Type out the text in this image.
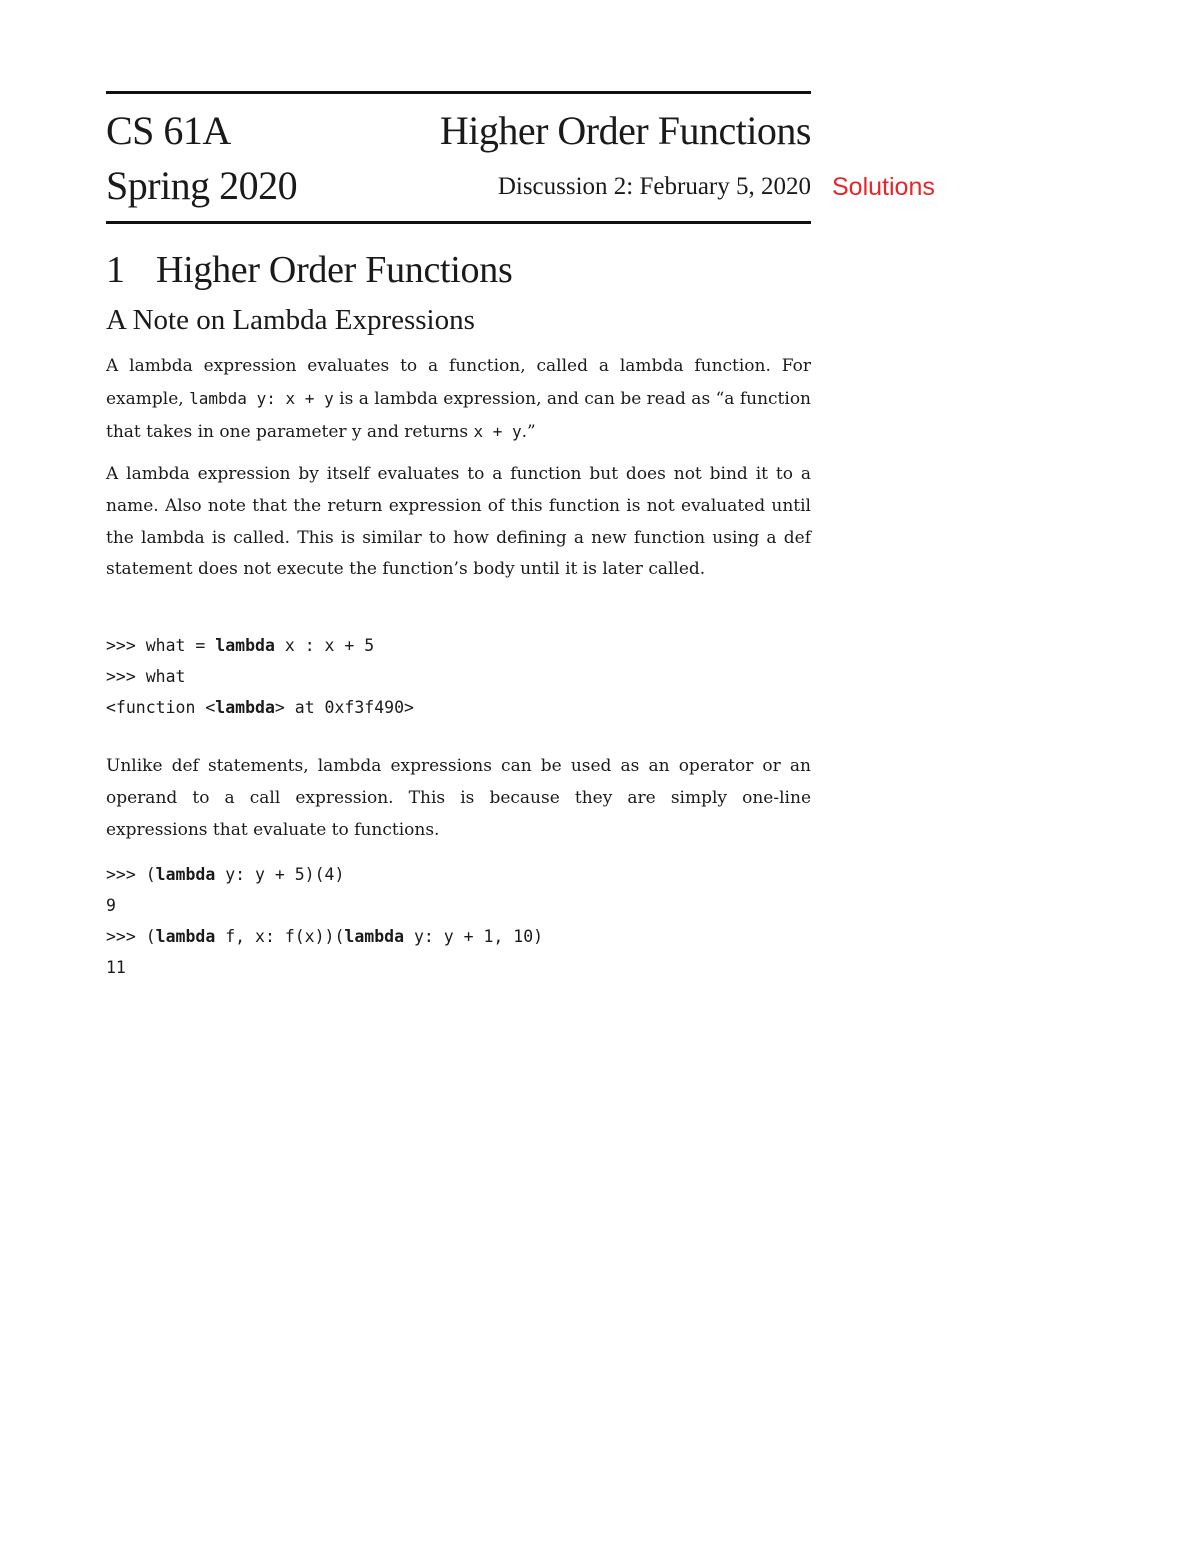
CS 61A	Higher Order Functions
Spring 2020	Discussion 2: February 5, 2020
1 Higher Order Functions
A Note on Lambda Expressions
A lambda expression evaluates to a function, called a lambda function. For example, lambda y: x + y is a lambda expression, and can be read as “a function that takes in one parameter y and returns x + y.”
A lambda expression by itself evaluates to a function but does not bind it to a name. Also note that the return expression of this function is not evaluated until the lambda is called. This is similar to how defining a new function using a def statement does not execute the function’s body until it is later called.
>>> what = lambda x : x + 5
>>> what
<function <lambda> at 0xf3f490>
Unlike def statements, lambda expressions can be used as an operator or an operand to a call expression. This is because they are simply one-line expressions that evaluate to functions.
>>> (lambda y: y + 5)(4)
9
>>> (lambda f, x: f(x))(lambda y: y + 1, 10)
11
Solutions
